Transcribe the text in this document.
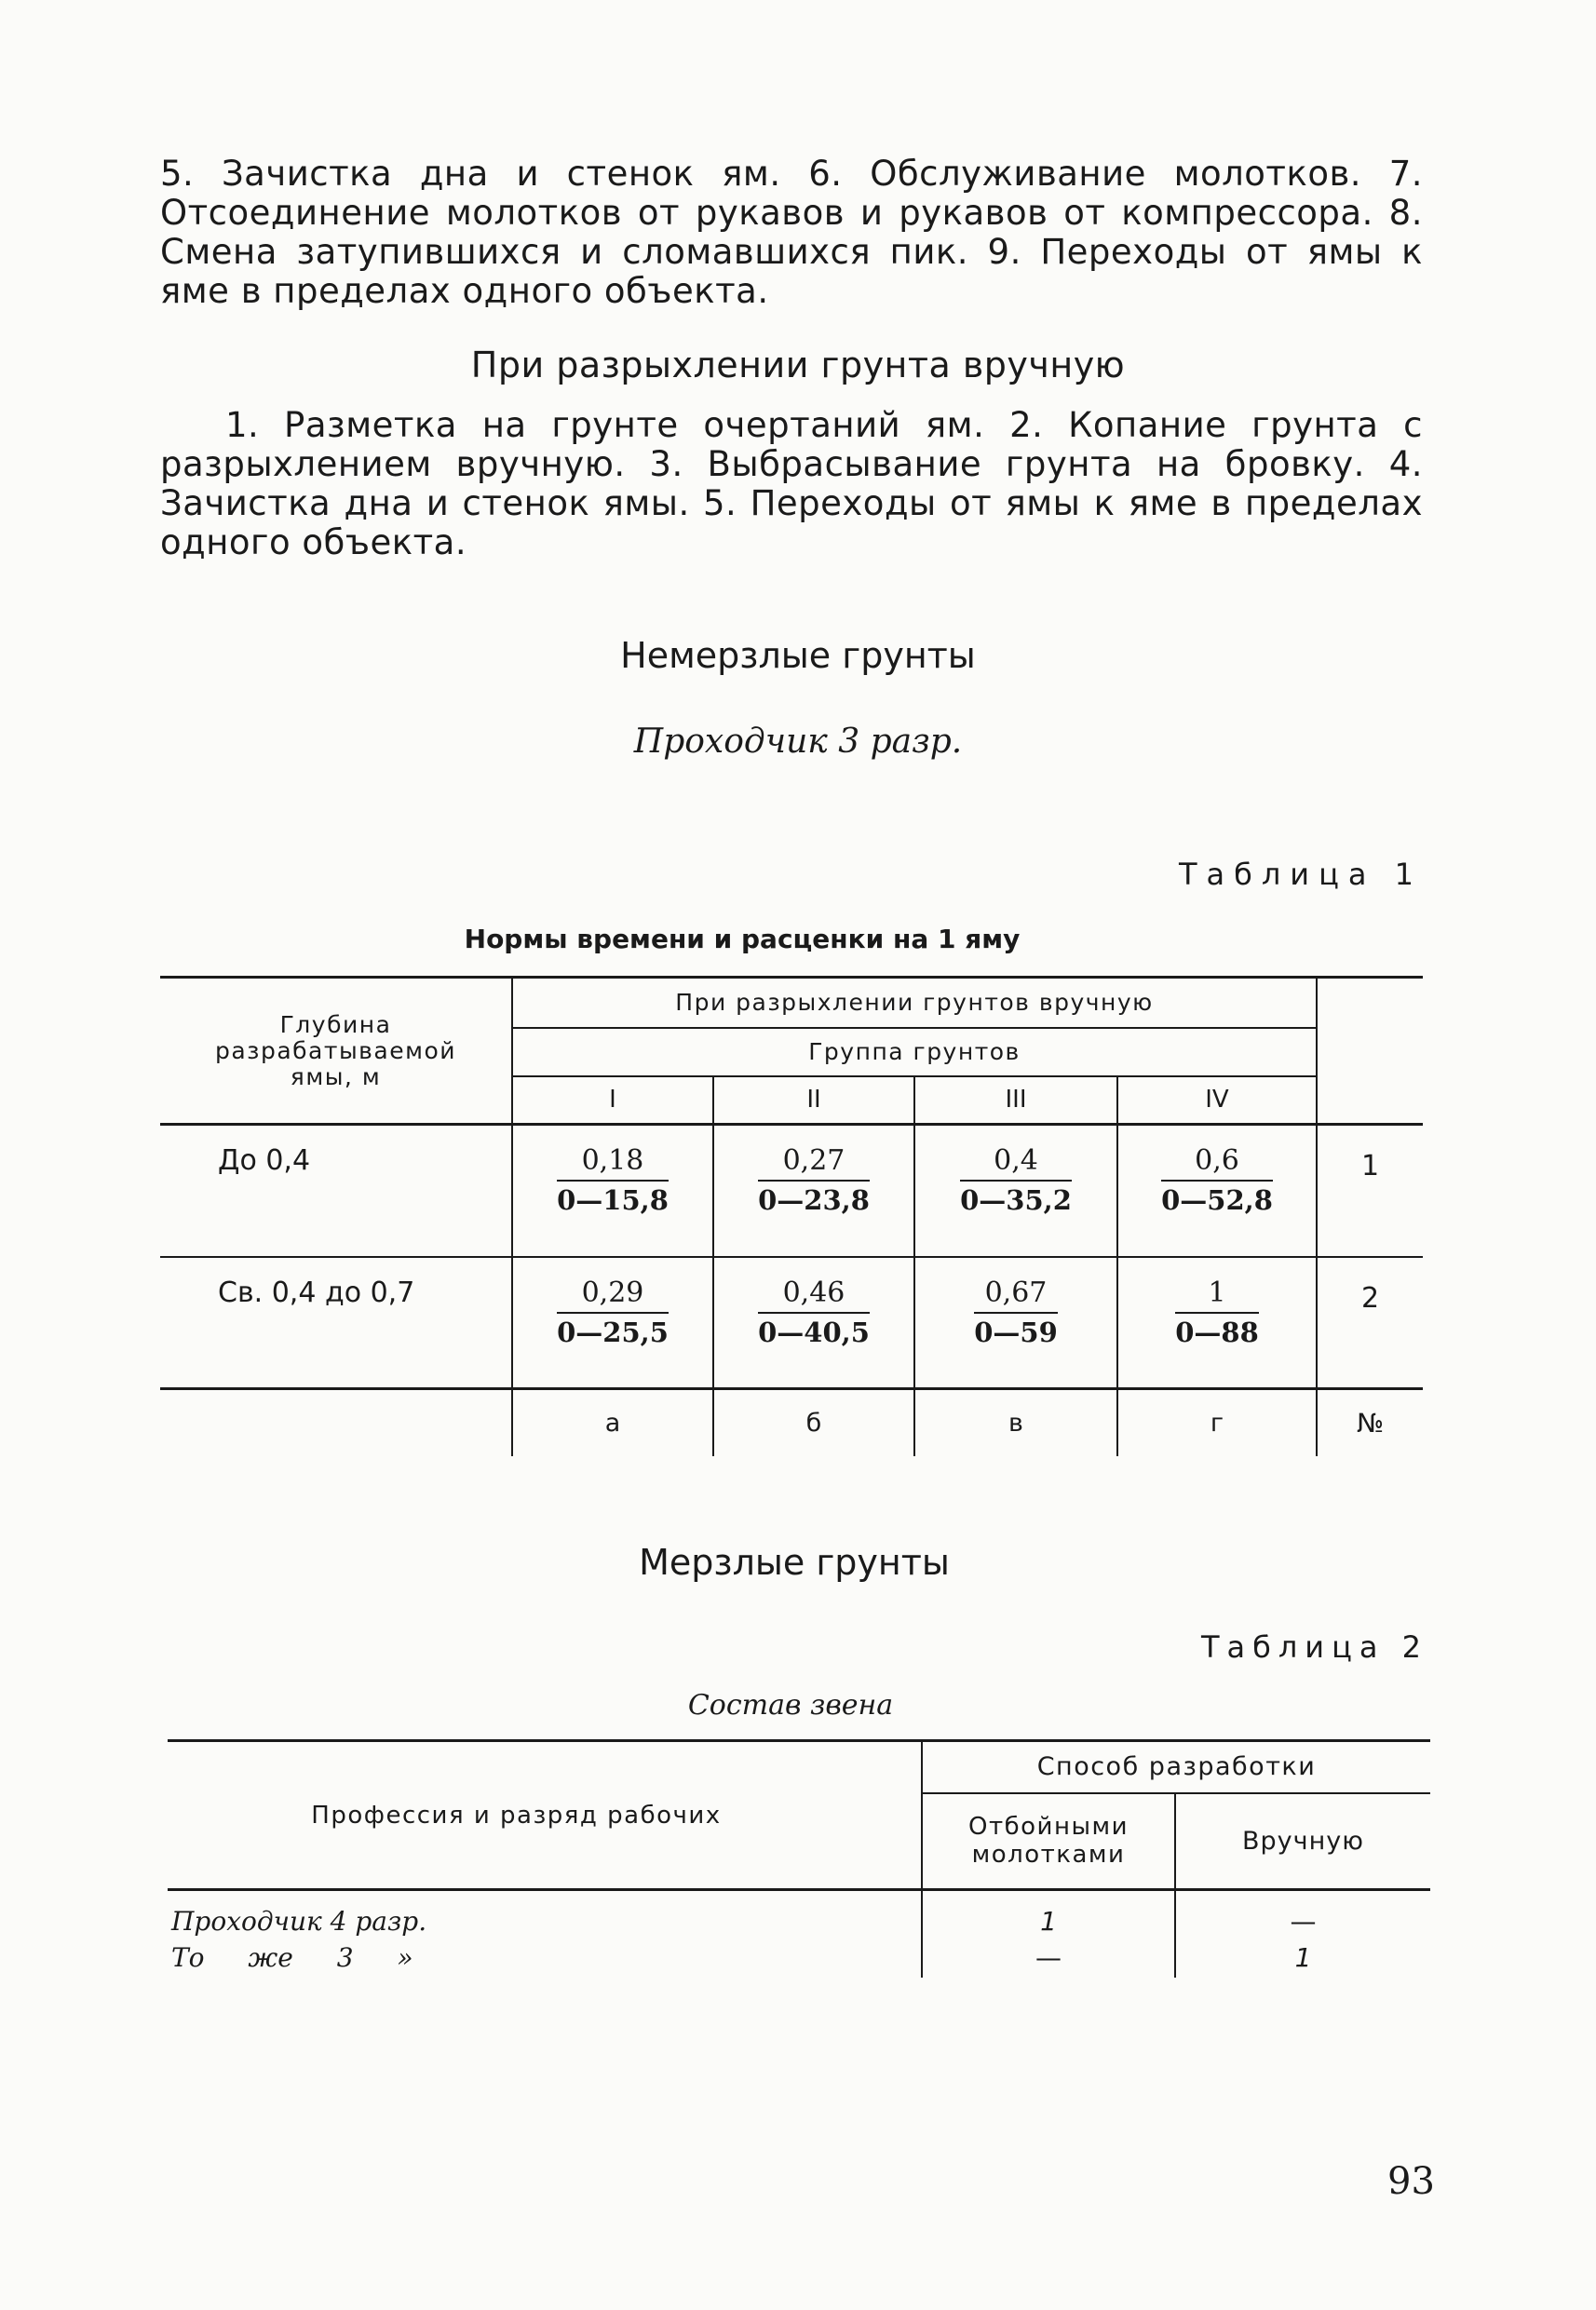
5. Зачистка дна и стенок ям. 6. Обслуживание молотков. 7. Отсоединение молотков от рукавов и рукавов от компрессора. 8. Смена затупившихся и сломавшихся пик. 9. Переходы от ямы к яме в пределах одного объекта.
При разрыхлении грунта вручную
1. Разметка на грунте очертаний ям. 2. Копание грунта с разрыхлением вручную. 3. Выбрасывание грунта на бровку. 4. Зачистка дна и стенок ямы. 5. Переходы от ямы к яме в пределах одного объекта.
Немерзлые грунты
Проходчик 3 разр.
Таблица 1
Нормы времени и расценки на 1 яму
Глубина разрабатываемой ямы, м	При разрыхлении грунтов вручную				
	Группа грунтов				
	I	II	III	IV	
До 0,4	$\frac{0,18}{0—15,8}$	$\frac{0,27}{0—23,8}$	$\frac{0,4}{0—35,2}$	$\frac{0,6}{0—52,8}$	1
Св. 0,4 до 0,7	$\frac{0,29}{0—25,5}$	$\frac{0,46}{0—40,5}$	$\frac{0,67}{0—59}$	$\frac{1}{0—88}$	2
	а	б	в	г	№
Мерзлые грунты
Таблица 2
Состав звена
Профессия и разряд рабочих	Способ разработки	
	Отбойными молотками	Вручную
Проходчик 4 разр.	1	—
То же 3 »	—	1
93
